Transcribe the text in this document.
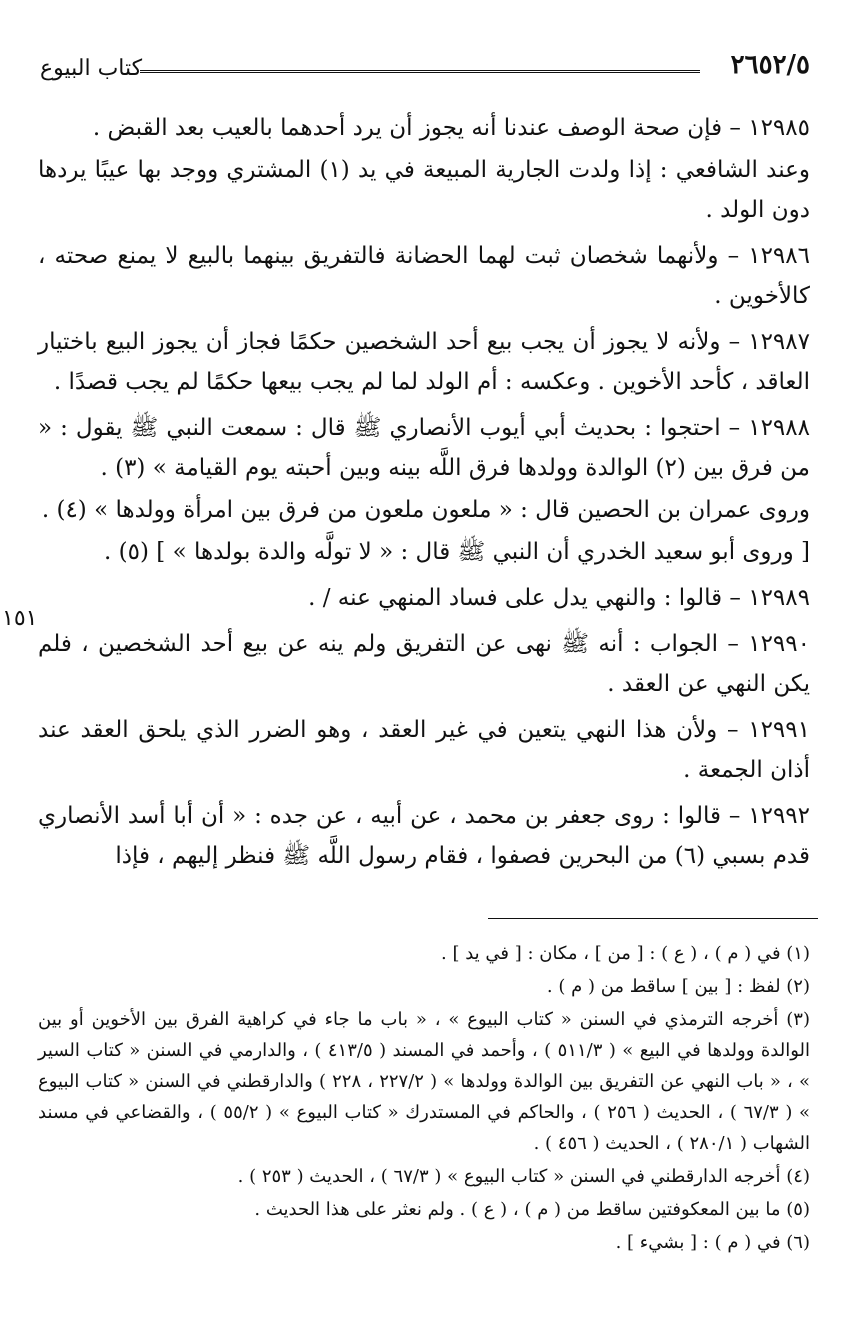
٢٦٥٢/٥
كتاب البيوع
١٥١

١٢٩٨٥ – فإن صحة الوصف عندنا أنه يجوز أن يرد أحدهما بالعيب بعد القبض .

وعند الشافعي : إذا ولدت الجارية المبيعة في يد (١) المشتري ووجد بها عيبًا يردها دون الولد .

١٢٩٨٦ – ولأنهما شخصان ثبت لهما الحضانة فالتفريق بينهما بالبيع لا يمنع صحته ، كالأخوين .

١٢٩٨٧ – ولأنه لا يجوز أن يجب بيع أحد الشخصين حكمًا فجاز أن يجوز البيع باختيار العاقد ، كأحد الأخوين . وعكسه : أم الولد لما لم يجب بيعها حكمًا لم يجب قصدًا .

١٢٩٨٨ – احتجوا : بحديث أبي أيوب الأنصاري ﷺ قال : سمعت النبي ﷺ يقول : « من فرق بين (٢) الوالدة وولدها فرق اللَّه بينه وبين أحبته يوم القيامة » (٣) .

وروى عمران بن الحصين قال : « ملعون ملعون من فرق بين امرأة وولدها » (٤) .

[ وروى أبو سعيد الخدري أن النبي ﷺ قال : « لا تولَّه والدة بولدها » ] (٥) .

١٢٩٨٩ – قالوا : والنهي يدل على فساد المنهي عنه / .

١٢٩٩٠ – الجواب : أنه ﷺ نهى عن التفريق ولم ينه عن بيع أحد الشخصين ، فلم يكن النهي عن العقد .

١٢٩٩١ – ولأن هذا النهي يتعين في غير العقد ، وهو الضرر الذي يلحق العقد عند أذان الجمعة .

١٢٩٩٢ – قالوا : روى جعفر بن محمد ، عن أبيه ، عن جده : « أن أبا أسد الأنصاري قدم بسبي (٦) من البحرين فصفوا ، فقام رسول اللَّه ﷺ فنظر إليهم ، فإذا

(١) في ( م ) ، ( ع ) : [ من ] ، مكان : [ في يد ] .

(٢) لفظ : [ بين ] ساقط من ( م ) .

(٣) أخرجه الترمذي في السنن « كتاب البيوع » ، « باب ما جاء في كراهية الفرق بين الأخوين أو بين الوالدة وولدها في البيع » ( ٥١١/٣ ) ، وأحمد في المسند ( ٤١٣/٥ ) ، والدارمي في السنن « كتاب السير » ، « باب النهي عن التفريق بين الوالدة وولدها » ( ٢٢٧/٢ ، ٢٢٨ ) والدارقطني في السنن « كتاب البيوع » ( ٦٧/٣ ) ، الحديث ( ٢٥٦ ) ، والحاكم في المستدرك « كتاب البيوع » ( ٥٥/٢ ) ، والقضاعي في مسند الشهاب ( ٢٨٠/١ ) ، الحديث ( ٤٥٦ ) .

(٤) أخرجه الدارقطني في السنن « كتاب البيوع » ( ٦٧/٣ ) ، الحديث ( ٢٥٣ ) .

(٥) ما بين المعكوفتين ساقط من ( م ) ، ( ع ) . ولم نعثر على هذا الحديث .

(٦) في ( م ) : [ بشيء ] .
